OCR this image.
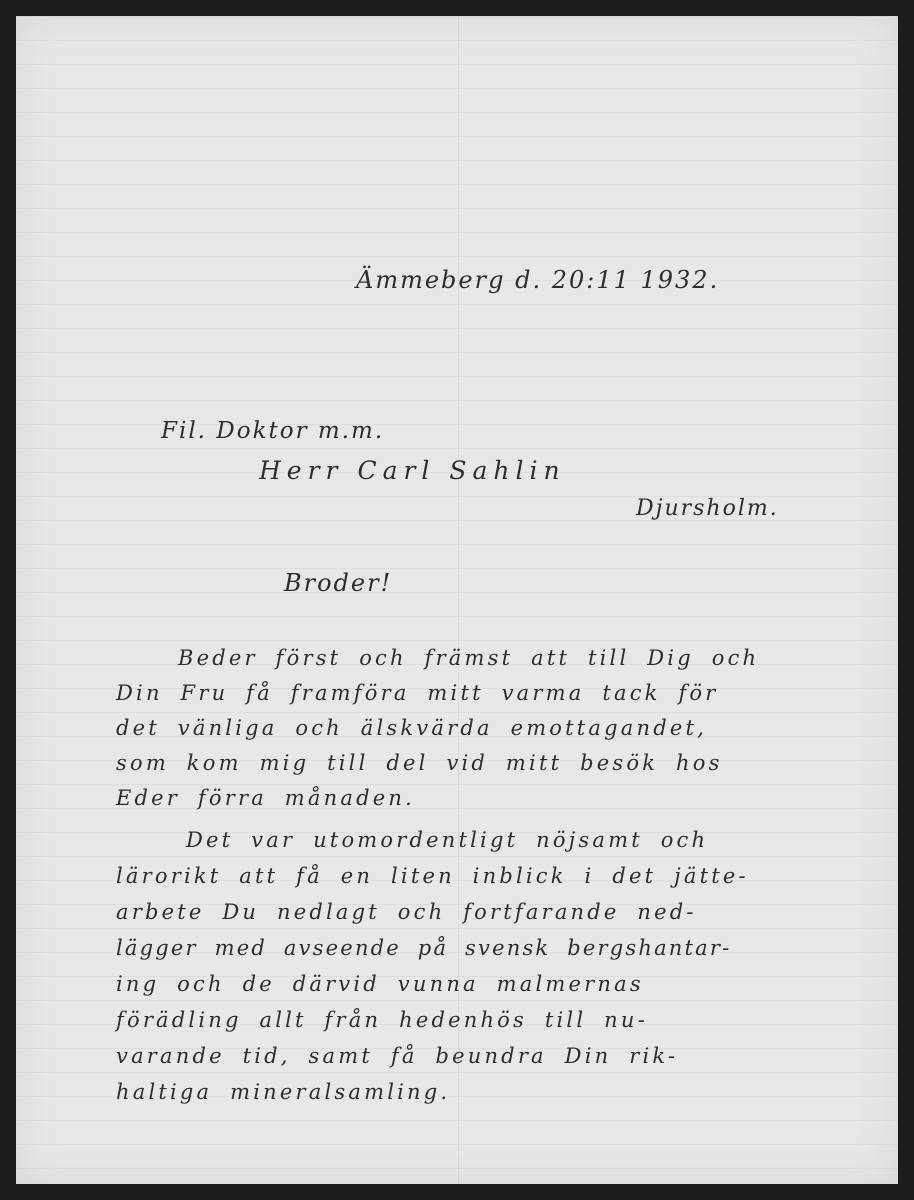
Ämmeberg d. 20:11 1932.
Fil. Doktor m.m.
Herr Carl Sahlin
Djursholm.
Broder!
Beder först och främst att till Dig och
Din Fru få framföra mitt varma tack för
det vänliga och älskvärda emottagandet,
som kom mig till del vid mitt besök hos
Eder förra månaden.
Det var utomordentligt nöjsamt och
lärorikt att få en liten inblick i det jätte-
arbete Du nedlagt och fortfarande ned-
lägger med avseende på svensk bergshantar-
ing och de därvid vunna malmernas
förädling allt från hedenhös till nu-
varande tid, samt få beundra Din rik-
haltiga mineralsamling.
